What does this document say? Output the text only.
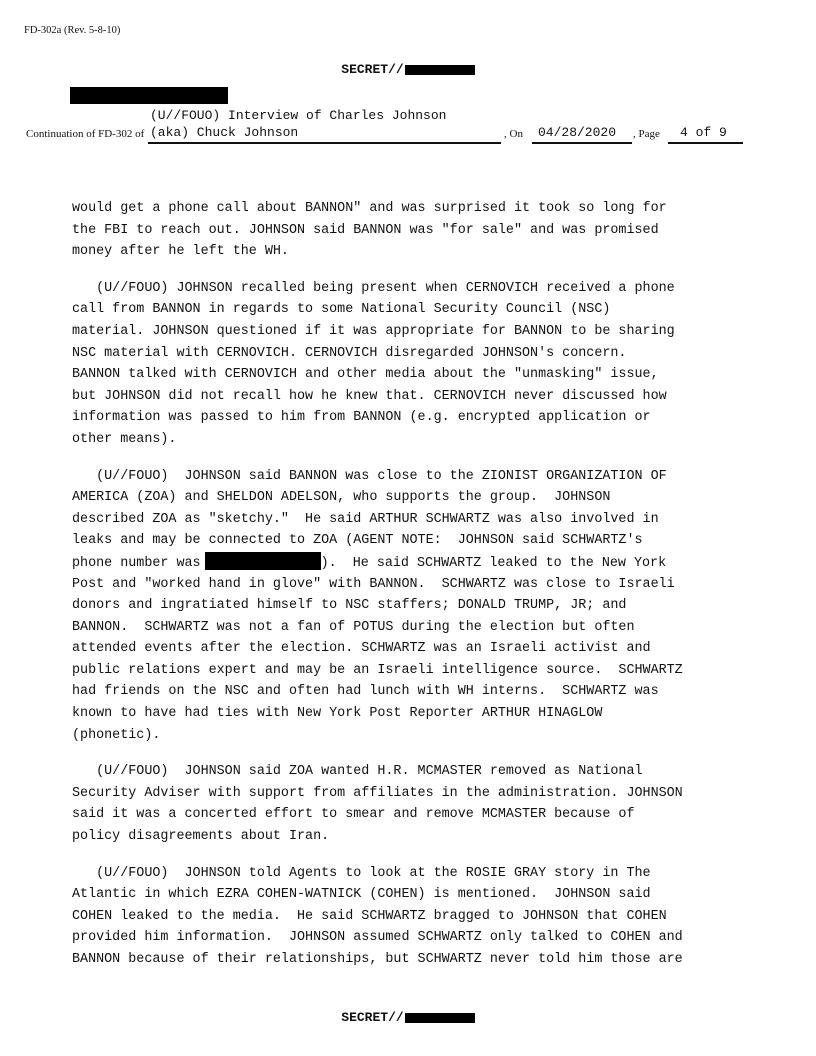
FD-302a (Rev. 5-8-10)
SECRET//
(U//FOUO) Interview of Charles Johnson
Continuation of FD-302 of (aka) Chuck Johnson	, On 04/28/2020 , Page 4 of 9
would get a phone call about BANNON" and was surprised it took so long for
the FBI to reach out. JOHNSON said BANNON was "for sale" and was promised
money after he left the WH.
(U//FOUO) JOHNSON recalled being present when CERNOVICH received a phone
call from BANNON in regards to some National Security Council (NSC)
material. JOHNSON questioned if it was appropriate for BANNON to be sharing
NSC material with CERNOVICH. CERNOVICH disregarded JOHNSON's concern.
BANNON talked with CERNOVICH and other media about the "unmasking" issue,
but JOHNSON did not recall how he knew that. CERNOVICH never discussed how
information was passed to him from BANNON (e.g. encrypted application or
other means).
(U//FOUO)  JOHNSON said BANNON was close to the ZIONIST ORGANIZATION OF
AMERICA (ZOA) and SHELDON ADELSON, who supports the group.  JOHNSON
described ZOA as "sketchy."  He said ARTHUR SCHWARTZ was also involved in
leaks and may be connected to ZOA (AGENT NOTE:  JOHNSON said SCHWARTZ's
phone number was	).  He said SCHWARTZ leaked to the New York
Post and "worked hand in glove" with BANNON.  SCHWARTZ was close to Israeli
donors and ingratiated himself to NSC staffers; DONALD TRUMP, JR; and
BANNON.  SCHWARTZ was not a fan of POTUS during the election but often
attended events after the election. SCHWARTZ was an Israeli activist and
public relations expert and may be an Israeli intelligence source.  SCHWARTZ
had friends on the NSC and often had lunch with WH interns.  SCHWARTZ was
known to have had ties with New York Post Reporter ARTHUR HINAGLOW
(phonetic).
(U//FOUO)  JOHNSON said ZOA wanted H.R. MCMASTER removed as National
Security Adviser with support from affiliates in the administration. JOHNSON
said it was a concerted effort to smear and remove MCMASTER because of
policy disagreements about Iran.
(U//FOUO)  JOHNSON told Agents to look at the ROSIE GRAY story in The
Atlantic in which EZRA COHEN-WATNICK (COHEN) is mentioned.  JOHNSON said
COHEN leaked to the media.  He said SCHWARTZ bragged to JOHNSON that COHEN
provided him information.  JOHNSON assumed SCHWARTZ only talked to COHEN and
BANNON because of their relationships, but SCHWARTZ never told him those are
SECRET//
